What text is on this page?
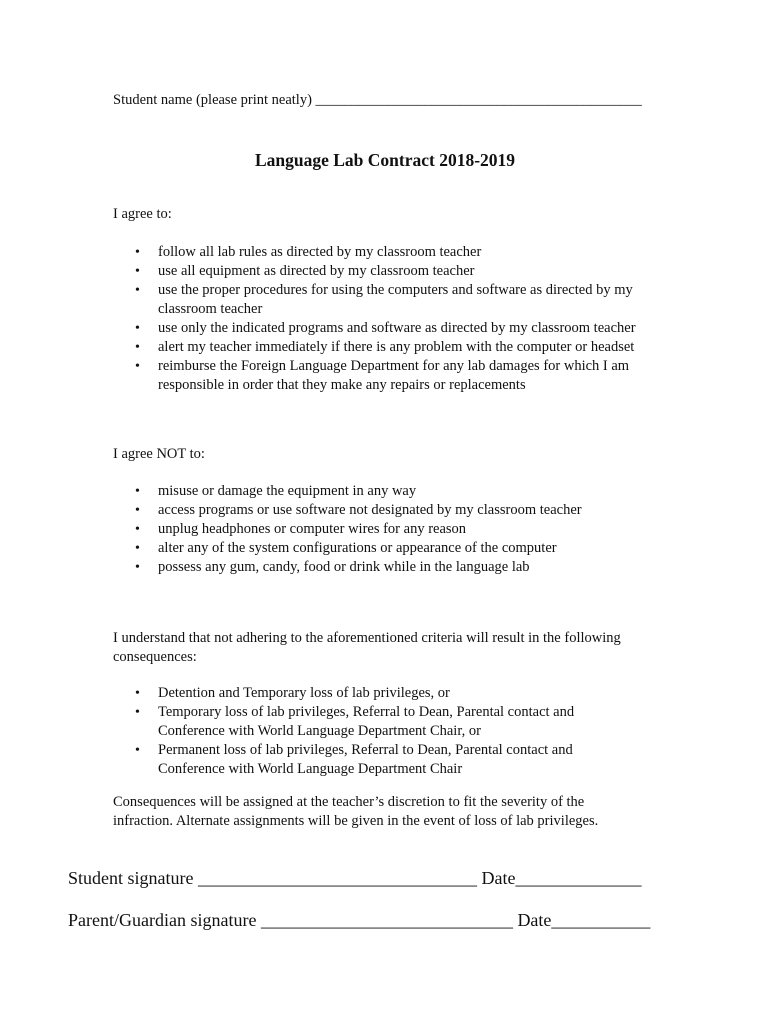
Student name (please print neatly) _____________________________________________
Language Lab Contract 2018-2019
I agree to:
• follow all lab rules as directed by my classroom teacher
• use all equipment as directed by my classroom teacher
• use the proper procedures for using the computers and software as directed by my classroom teacher
• use only the indicated programs and software as directed by my classroom teacher
• alert my teacher immediately if there is any problem with the computer or headset
• reimburse the Foreign Language Department for any lab damages for which I am responsible in order that they make any repairs or replacements
I agree NOT to:
• misuse or damage the equipment in any way
• access programs or use software not designated by my classroom teacher
• unplug headphones or computer wires for any reason
• alter any of the system configurations or appearance of the computer
• possess any gum, candy, food or drink while in the language lab
I understand that not adhering to the aforementioned criteria will result in the following consequences:
• Detention and Temporary loss of lab privileges, or
• Temporary loss of lab privileges, Referral to Dean, Parental contact and Conference with World Language Department Chair, or
• Permanent loss of lab privileges, Referral to Dean, Parental contact and Conference with World Language Department Chair
Consequences will be assigned at the teacher’s discretion to fit the severity of the infraction. Alternate assignments will be given in the event of loss of lab privileges.
Student signature _______________________________ Date______________
Parent/Guardian signature ____________________________ Date___________
